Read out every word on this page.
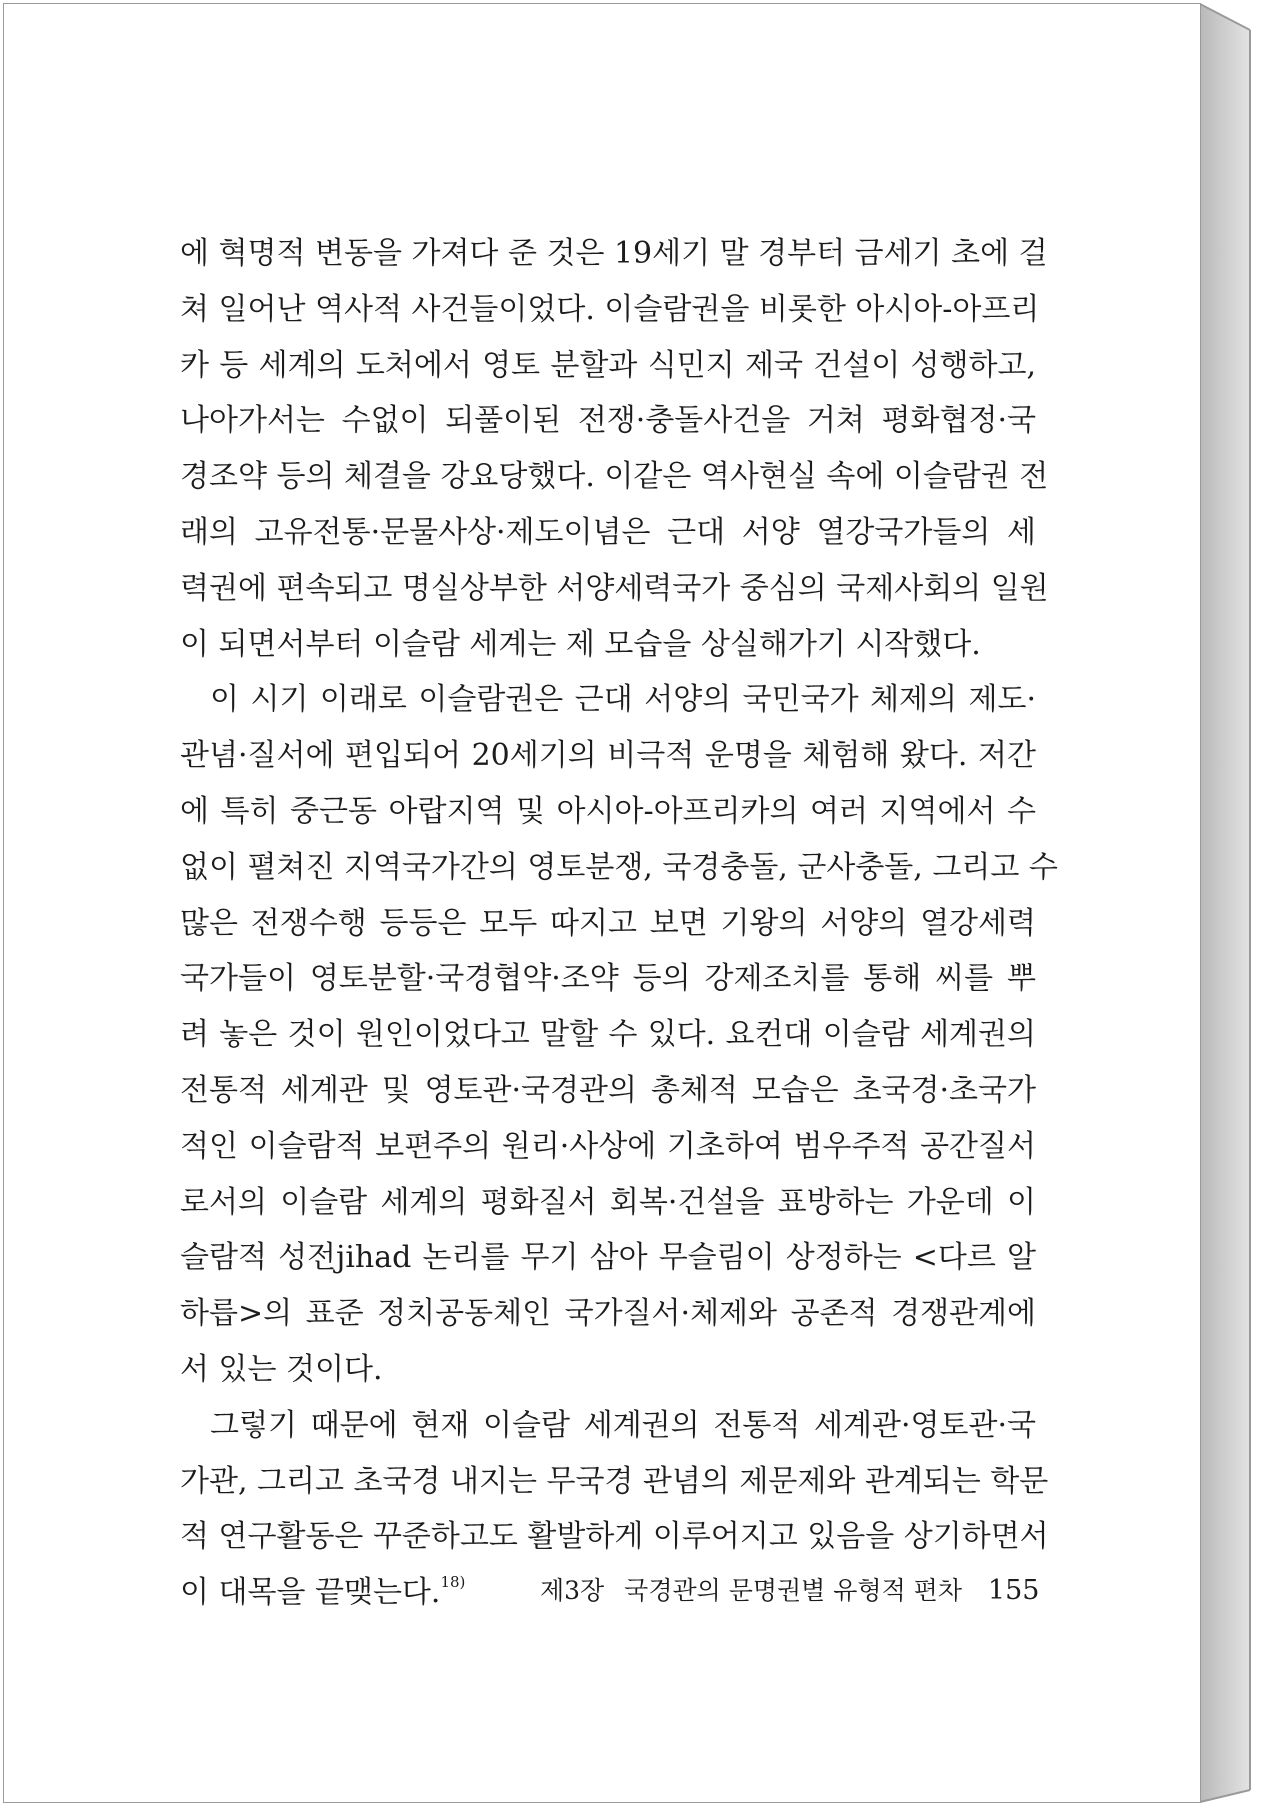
에 혁명적 변동을 가져다 준 것은 19세기 말 경부터 금세기 초에 걸
쳐 일어난 역사적 사건들이었다. 이슬람권을 비롯한 아시아-아프리
카 등 세계의 도처에서 영토 분할과 식민지 제국 건설이 성행하고,
나아가서는 수없이 되풀이된 전쟁·충돌사건을 거쳐 평화협정·국
경조약 등의 체결을 강요당했다. 이같은 역사현실 속에 이슬람권 전
래의 고유전통·문물사상·제도이념은 근대 서양 열강국가들의 세
력권에 편속되고 명실상부한 서양세력국가 중심의 국제사회의 일원
이 되면서부터 이슬람 세계는 제 모습을 상실해가기 시작했다.
이 시기 이래로 이슬람권은 근대 서양의 국민국가 체제의 제도·
관념·질서에 편입되어 20세기의 비극적 운명을 체험해 왔다. 저간
에 특히 중근동 아랍지역 및 아시아-아프리카의 여러 지역에서 수
없이 펼쳐진 지역국가간의 영토분쟁, 국경충돌, 군사충돌, 그리고 수
많은 전쟁수행 등등은 모두 따지고 보면 기왕의 서양의 열강세력
국가들이 영토분할·국경협약·조약 등의 강제조치를 통해 씨를 뿌
려 놓은 것이 원인이었다고 말할 수 있다. 요컨대 이슬람 세계권의
전통적 세계관 및 영토관·국경관의 총체적 모습은 초국경·초국가
적인 이슬람적 보편주의 원리·사상에 기초하여 범우주적 공간질서
로서의 이슬람 세계의 평화질서 회복·건설을 표방하는 가운데 이
슬람적 성전jihad 논리를 무기 삼아 무슬림이 상정하는 <다르 알
하릅>의 표준 정치공동체인 국가질서·체제와 공존적 경쟁관계에
서 있는 것이다.
그렇기 때문에 현재 이슬람 세계권의 전통적 세계관·영토관·국
가관, 그리고 초국경 내지는 무국경 관념의 제문제와 관계되는 학문
적 연구활동은 꾸준하고도 활발하게 이루어지고 있음을 상기하면서
이 대목을 끝맺는다.$^{18)}$	제3장 국경관의 문명권별 유형적 편차 155
